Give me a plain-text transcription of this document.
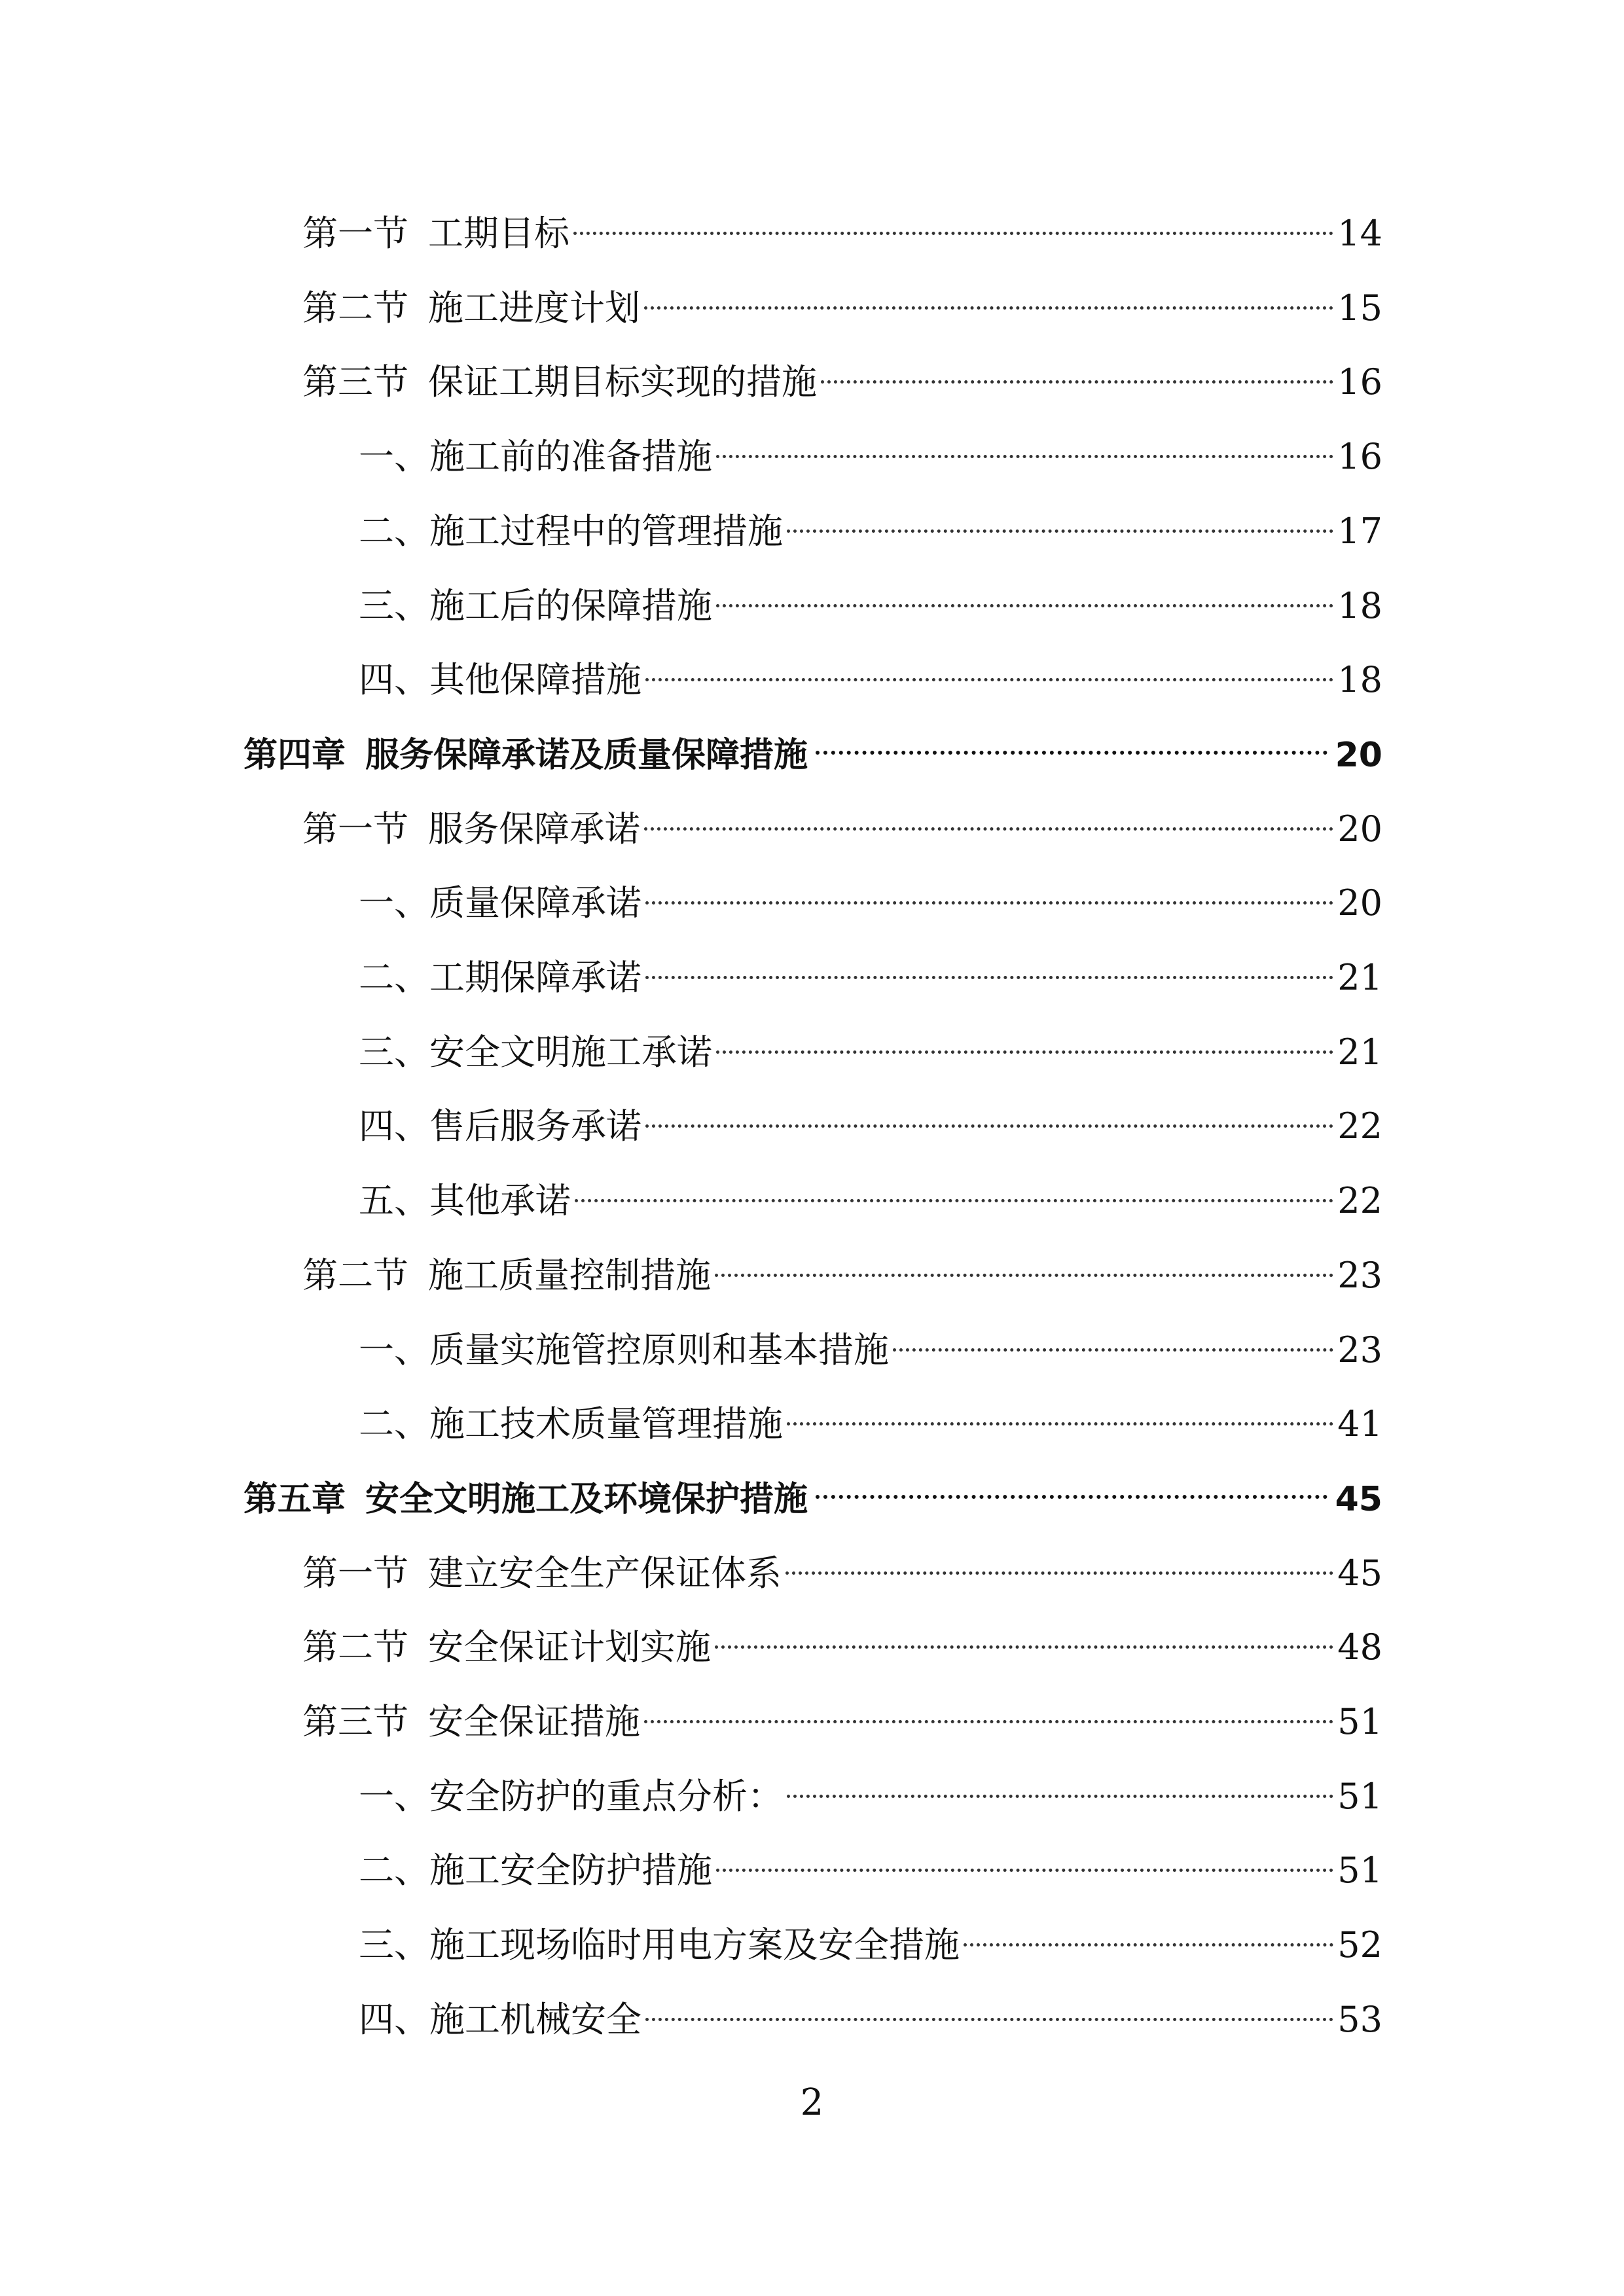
第一节 工期目标	14
第二节 施工进度计划	15
第三节 保证工期目标实现的措施	16
一、施工前的准备措施	16
二、施工过程中的管理措施	17
三、施工后的保障措施	18
四、其他保障措施	18
第四章 服务保障承诺及质量保障措施	20
第一节 服务保障承诺	20
一、质量保障承诺	20
二、工期保障承诺	21
三、安全文明施工承诺	21
四、售后服务承诺	22
五、其他承诺	22
第二节 施工质量控制措施	23
一、质量实施管控原则和基本措施	23
二、施工技术质量管理措施	41
第五章 安全文明施工及环境保护措施	45
第一节 建立安全生产保证体系	45
第二节 安全保证计划实施	48
第三节 安全保证措施	51
一、安全防护的重点分析：	51
二、施工安全防护措施	51
三、施工现场临时用电方案及安全措施	52
四、施工机械安全	53
2
